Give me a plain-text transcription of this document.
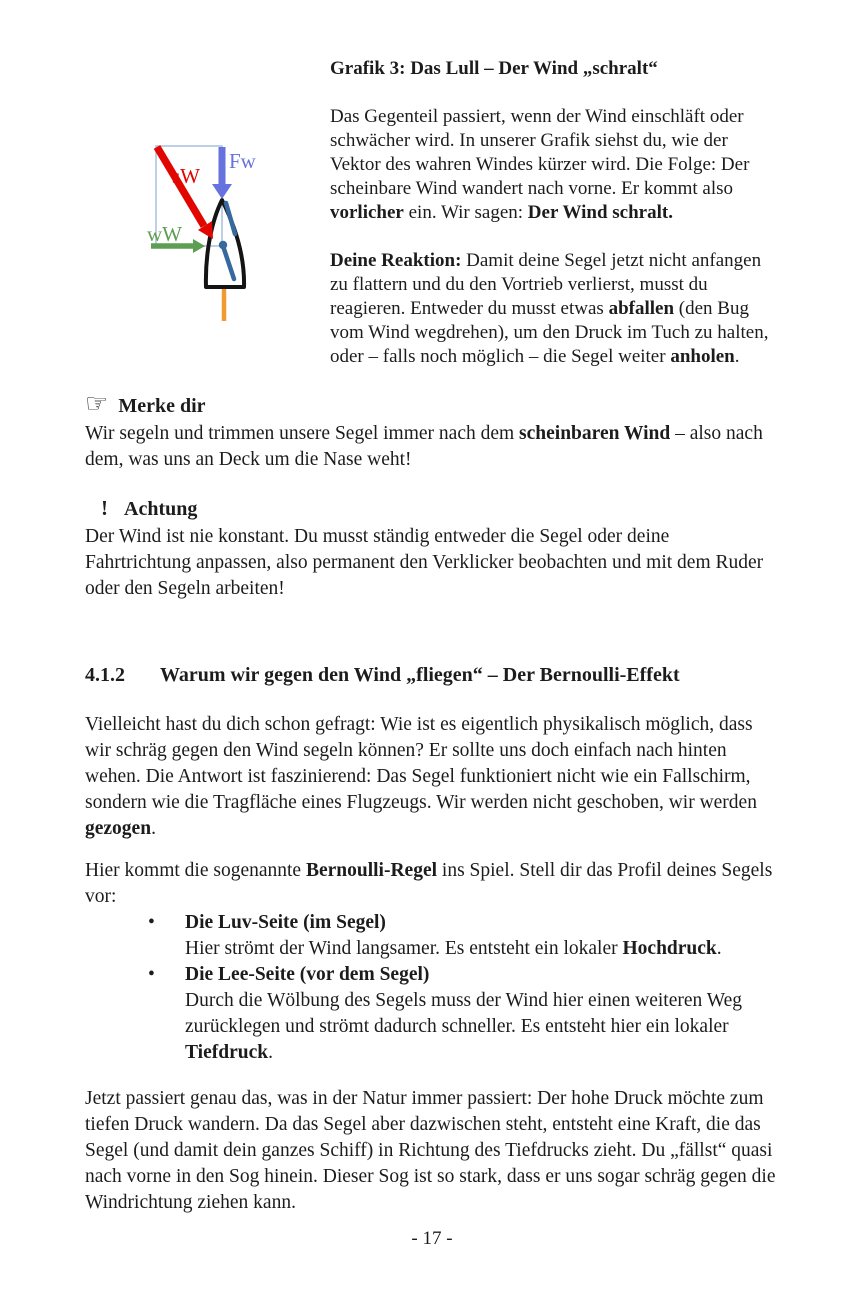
sW
Fw
wW

Grafik 3: Das Lull – Der Wind „schralt“

Das Gegenteil passiert, wenn der Wind einschläft oder schwächer wird. In unserer Grafik siehst du, wie der Vektor des wahren Windes kürzer wird. Die Folge: Der scheinbare Wind wandert nach vorne. Er kommt also vorlicher ein. Wir sagen: Der Wind schralt.

Deine Reaktion: Damit deine Segel jetzt nicht anfangen zu flattern und du den Vortrieb verlierst, musst du reagieren. Entweder du musst etwas abfallen (den Bug vom Wind wegdrehen), um den Druck im Tuch zu halten, oder – falls noch möglich – die Segel weiter anholen.

☞ Merke dir

Wir segeln und trimmen unsere Segel immer nach dem scheinbaren Wind – also nach dem, was uns an Deck um die Nase weht!

! Achtung

Der Wind ist nie konstant. Du musst ständig entweder die Segel oder deine Fahrtrichtung anpassen, also permanent den Verklicker beobachten und mit dem Ruder oder den Segeln arbeiten!

4.1.2	Warum wir gegen den Wind „fliegen“ – Der Bernoulli-Effekt

Vielleicht hast du dich schon gefragt: Wie ist es eigentlich physikalisch möglich, dass wir schräg gegen den Wind segeln können? Er sollte uns doch einfach nach hinten wehen. Die Antwort ist faszinierend: Das Segel funktioniert nicht wie ein Fallschirm, sondern wie die Tragfläche eines Flugzeugs. Wir werden nicht geschoben, wir werden gezogen.

Hier kommt die sogenannte Bernoulli-Regel ins Spiel. Stell dir das Profil deines Segels vor:

• Die Luv-Seite (im Segel)
Hier strömt der Wind langsamer. Es entsteht ein lokaler Hochdruck.
• Die Lee-Seite (vor dem Segel)
Durch die Wölbung des Segels muss der Wind hier einen weiteren Weg zurücklegen und strömt dadurch schneller. Es entsteht hier ein lokaler Tiefdruck.

Jetzt passiert genau das, was in der Natur immer passiert: Der hohe Druck möchte zum tiefen Druck wandern. Da das Segel aber dazwischen steht, entsteht eine Kraft, die das Segel (und damit dein ganzes Schiff) in Richtung des Tiefdrucks zieht. Du „fällst“ quasi nach vorne in den Sog hinein. Dieser Sog ist so stark, dass er uns sogar schräg gegen die Windrichtung ziehen kann.

- 17 -
